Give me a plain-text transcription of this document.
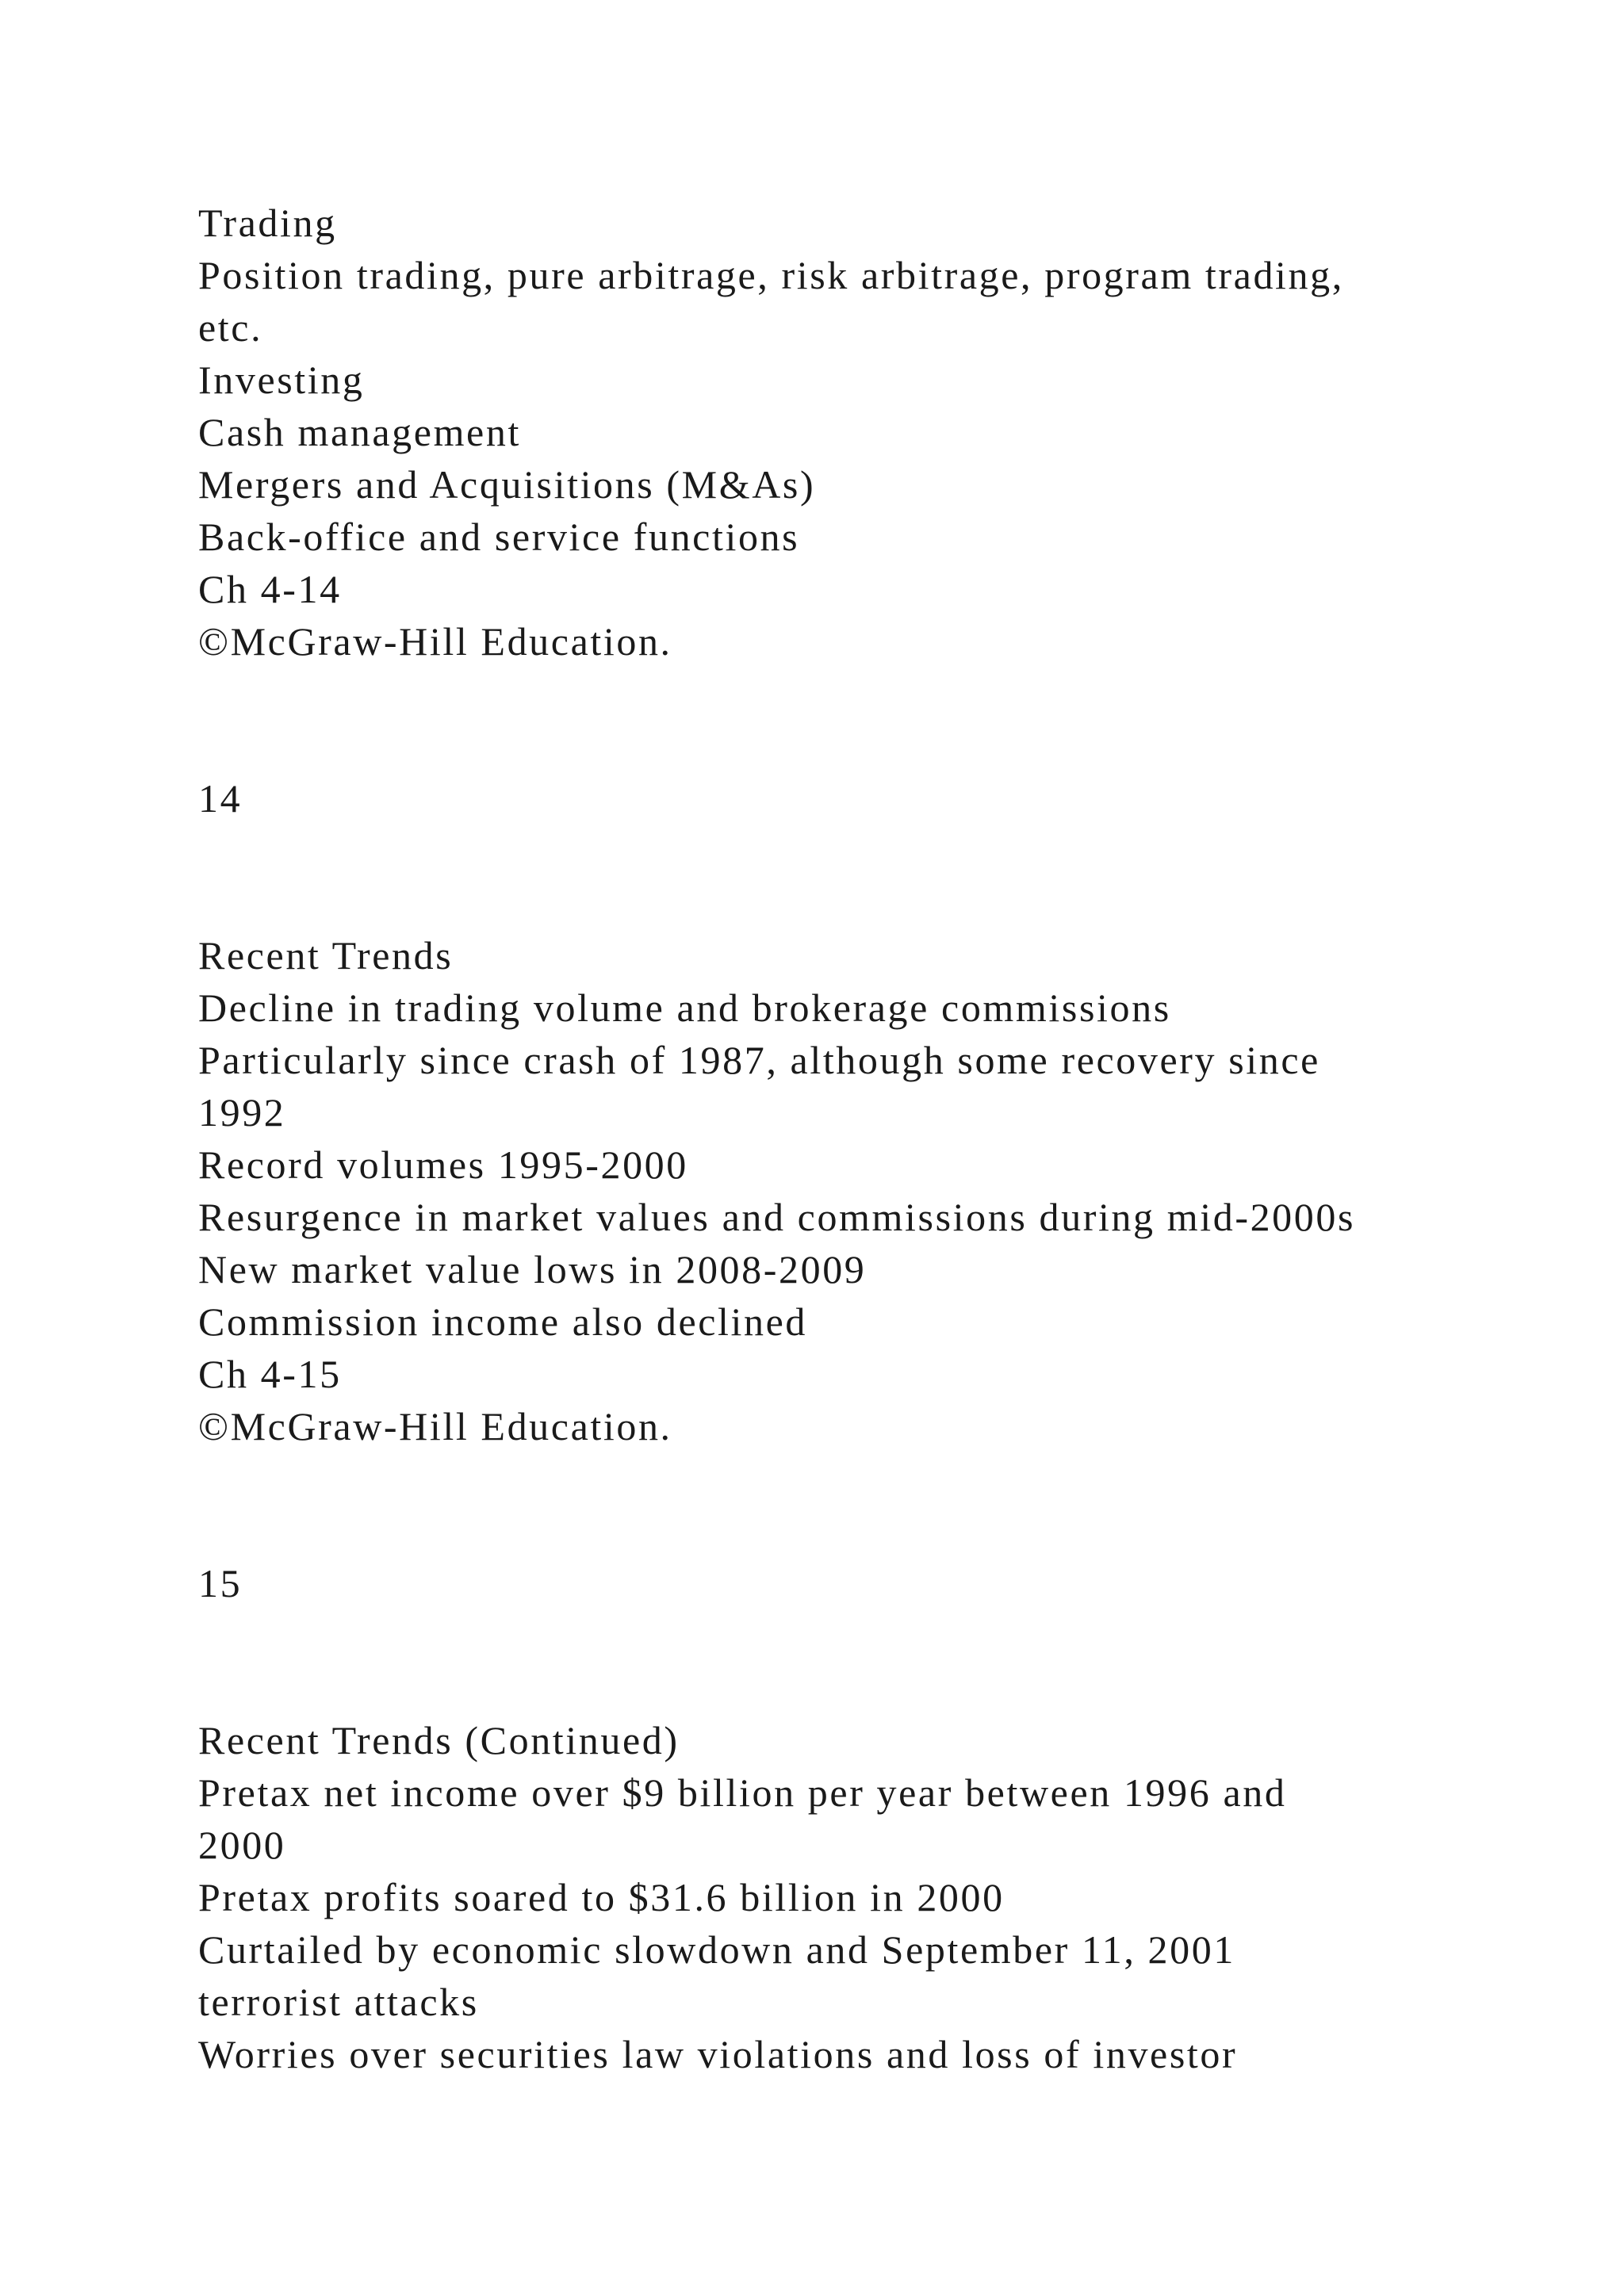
Trading

Position trading, pure arbitrage, risk arbitrage, program trading,

etc.

Investing

Cash management

Mergers and Acquisitions (M&As)

Back-office and service functions

Ch 4-14

©McGraw-Hill Education.

14

Recent Trends

Decline in trading volume and brokerage commissions

Particularly since crash of 1987, although some recovery since

1992

Record volumes 1995-2000

Resurgence in market values and commissions during mid-2000s

New market value lows in 2008-2009

Commission income also declined

Ch 4-15

©McGraw-Hill Education.

15

Recent Trends (Continued)

Pretax net income over $9 billion per year between 1996 and

2000

Pretax profits soared to $31.6 billion in 2000

Curtailed by economic slowdown and September 11, 2001

terrorist attacks

Worries over securities law violations and loss of investor
